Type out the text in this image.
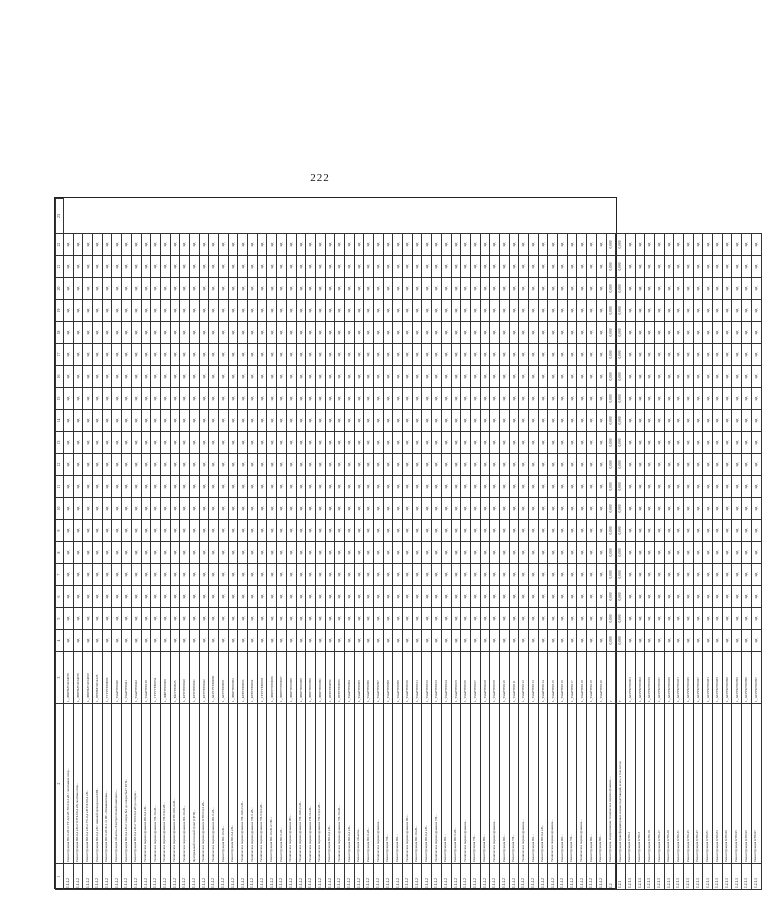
222
1	2	3	4	5	6	7	8	9	10	11	12	13	14	15	16	17	18	19	20	21	22	23
1.1.4.2	Реконструкция ВЛ-6 кВ от РУ-0,4 кВ ТП-6/0,4 кВ с монтажом опор...	L_ЛЮРВЛ74014058	нд	нд	нд	нд	нд	нд	нд	нд	нд	нд	нд	нд	нд	нд	нд	нд	нд	нд	нд	
1.1.4.2	Реконструкция ВЛ-0,4 кВ от КТП-6/0,4 кВ, монтаж опор...	L_ЛЮРВЛ74014059	нд	нд	нд	нд	нд	нд	нд	нд	нд	нд	нд	нд	нд	нд	нд	нд	нд	нд	нд	
1.1.4.2	Реконструкция ВЛ-0,4 кВ от РУ-0,4 кВ ТП-6/0,4 кВ...	L_ЛЮРВЛ74014060	нд	нд	нд	нд	нд	нд	нд	нд	нд	нд	нд	нд	нд	нд	нд	нд	нд	нд	нд	
1.1.4.2	Реконструкция ВЛ-0,4 кВ с заменой провода на СИП...	L_ПРЕВЛ74014225	нд	нд	нд	нд	нд	нд	нд	нд	нд	нд	нд	нд	нд	нд	нд	нд	нд	нд	нд	
1.1.4.2	Реконструкция ВЛ-6 кВ Ф-1 от ПС «Тимашевская»...	L_ТГУРТЕЕ0006	нд	нд	нд	нд	нд	нд	нд	нд	нд	нд	нд	нд	нд	нд	нд	нд	нд	нд	нд	
1.1.4.2	Реконструкция объекта «Электросетевой комплекс»...	L_ТимРТЕ0040	нд	нд	нд	нд	нд	нд	нд	нд	нд	нд	нд	нд	нд	нд	нд	нд	нд	нд	нд	
1.1.4.2	Реконструкция ВЛ-0,4 кВ от опоры №1 до опоры №27 КТП...	L_ТимРТЕ0041	нд	нд	нд	нд	нд	нд	нд	нд	нд	нд	нд	нд	нд	нд	нд	нд	нд	нд	нд	
1.1.4.2	Реконструкция ВЛ-0,4 кВ от ТП-6/0,4 кВ до опоры...	L_ТимРТЕ0042	нд	нд	нд	нд	нд	нд	нд	нд	нд	нд	нд	нд	нд	нд	нд	нд	нд	нд	нд	
1.1.4.2	Техническое перевооружение ВЛ-0,4 кВ...	L_ТимРТЕ0139	нд	нд	нд	нд	нд	нд	нд	нд	нд	нд	нд	нд	нд	нд	нд	нд	нд	нд	нд	
1.1.4.2	Техническое перевооружение ТП-10 кВ...	L_ГУРГТЕЕ0054	нд	нд	нд	нд	нд	нд	нд	нд	нд	нд	нд	нд	нд	нд	нд	нд	нд	нд	нд	
1.1.4.2	Техническое перевооружение ТП-6/0,4 кВ...	L_ЛФРТЕЕ0006	нд	нд	нд	нд	нд	нд	нд	нд	нд	нд	нд	нд	нд	нд	нд	нд	нд	нд	нд	
1.1.4.2	Техническое перевооружение КТП-10/0,4 кВ...	L_ЕйсТЕЕ0025	нд	нд	нд	нд	нд	нд	нд	нд	нд	нд	нд	нд	нд	нд	нд	нд	нд	нд	нд	
1.1.4.2	Техническое перевооружение ВЛ-10 кВ...	L_КРПТЕЕ0040	нд	нд	нд	нд	нд	нд	нд	нд	нд	нд	нд	нд	нд	нд	нд	нд	нд	нд	нд	
1.1.4.2	Центральный тепловой пункт (ЦТП)...	L_КРПТЕЕ0041	нд	нд	нд	нд	нд	нд	нд	нд	нд	нд	нд	нд	нд	нд	нд	нд	нд	нд	нд	
1.1.4.2	Техническое перевооружение КТП-6/0,4 кВ...	L_КУРТЕЕ0042	нд	нд	нд	нд	нд	нд	нд	нд	нд	нд	нд	нд	нд	нд	нд	нд	нд	нд	нд	
1.1.4.2	Техническое перевооружение ВЛ-6 кВ...	L_АСРГРТЕЕ0060	нд	нд	нд	нд	нд	нд	нд	нд	нд	нд	нд	нд	нд	нд	нд	нд	нд	нд	нд	
1.1.4.2	Реконструкция ВЛ-10 кВ...	L_АСРТЕЕ0061	нд	нд	нд	нд	нд	нд	нд	нд	нд	нд	нд	нд	нд	нд	нд	нд	нд	нд	нд	
1.1.4.2	Реконструкция ВЛ-0,4 кВ...	L_ЛЮРТЕЕ0062	нд	нд	нд	нд	нд	нд	нд	нд	нд	нд	нд	нд	нд	нд	нд	нд	нд	нд	нд	
1.1.4.2	Техническое перевооружение ТП-10/0,4 кВ...	L_КРЕТЕЕ0063	нд	нд	нд	нд	нд	нд	нд	нд	нд	нд	нд	нд	нд	нд	нд	нд	нд	нд	нд	
1.1.4.2	Техническое перевооружение ТП-6 кВ...	L_КРЕТЕЕ0064	нд	нд	нд	нд	нд	нд	нд	нд	нд	нд	нд	нд	нд	нд	нд	нд	нд	нд	нд	
1.1.4.2	Техническое перевооружение ТП-6/0,4 кВ...	L_ГУРГТЕЕ0065	нд	нд	нд	нд	нд	нд	нд	нд	нд	нд	нд	нд	нд	нд	нд	нд	нд	нд	нд	
1.1.4.2	Реконструкция ВЛ-10 кВ от ПС...	L_ЛЮРРТЕЕ0086	нд	нд	нд	нд	нд	нд	нд	нд	нд	нд	нд	нд	нд	нд	нд	нд	нд	нд	нд	
1.1.4.2	Реконструкция ВЛ-6 кВ...	L_ЛЮРРТЕЕ0087	нд	нд	нд	нд	нд	нд	нд	нд	нд	нд	нд	нд	нд	нд	нд	нд	нд	нд	нд	
1.1.4.2	Техническое перевооружение ПС...	L_ЛЮРТЕЕ0088	нд	нд	нд	нд	нд	нд	нд	нд	нд	нд	нд	нд	нд	нд	нд	нд	нд	нд	нд	
1.1.4.2	Техническое перевооружение ТП-10/0,4 кВ...	L_ЛЮРТЕЕ0089	нд	нд	нд	нд	нд	нд	нд	нд	нд	нд	нд	нд	нд	нд	нд	нд	нд	нд	нд	
1.1.4.2	Техническое перевооружение РП-10 кВ...	L_ЛЮРТЕЕ0090	нд	нд	нд	нд	нд	нд	нд	нд	нд	нд	нд	нд	нд	нд	нд	нд	нд	нд	нд	
1.1.4.2	Техническое перевооружение ТП-6/0,4 кВ...	L_ЛЮРТЕЕ0091	нд	нд	нд	нд	нд	нд	нд	нд	нд	нд	нд	нд	нд	нд	нд	нд	нд	нд	нд	
1.1.4.2	Реконструкция ВЛ-0,4 кВ...	L_ПРЕТЕЕ0092	нд	нд	нд	нд	нд	нд	нд	нд	нд	нд	нд	нд	нд	нд	нд	нд	нд	нд	нд	
1.1.4.2	Техническое перевооружение ТП-10 кВ...	L_ПРЕТЕЕ0093	нд	нд	нд	нд	нд	нд	нд	нд	нд	нд	нд	нд	нд	нд	нд	нд	нд	нд	нд	
1.1.4.2	Реконструкция ВЛ-0,4 кВ...	L_ТимРТЕ0094	нд	нд	нд	нд	нд	нд	нд	нд	нд	нд	нд	нд	нд	нд	нд	нд	нд	нд	нд	
1.1.4.2	Реконструкция объекта...	L_ТимРТЕ0095	нд	нд	нд	нд	нд	нд	нд	нд	нд	нд	нд	нд	нд	нд	нд	нд	нд	нд	нд	
1.1.4.2	Реконструкция ВЛ-6 кВ...	L_ТимРТЕ0096	нд	нд	нд	нд	нд	нд	нд	нд	нд	нд	нд	нд	нд	нд	нд	нд	нд	нд	нд	
1.1.4.2	Техническое перевооружение...	L_ТимРТЕ0097	нд	нд	нд	нд	нд	нд	нд	нд	нд	нд	нд	нд	нд	нд	нд	нд	нд	нд	нд	
1.1.4.2	Реконструкция ТП...	L_ТимРТЕ0098	нд	нд	нд	нд	нд	нд	нд	нд	нд	нд	нд	нд	нд	нд	нд	нд	нд	нд	нд	
1.1.4.2	Реконструкция ВЛ...	L_ТимРТЕ0099	нд	нд	нд	нд	нд	нд	нд	нд	нд	нд	нд	нд	нд	нд	нд	нд	нд	нд	нд	
1.1.4.2	Техническое перевооружение ПС...	L_ТимРТЕ0100	нд	нд	нд	нд	нд	нд	нд	нд	нд	нд	нд	нд	нд	нд	нд	нд	нд	нд	нд	
1.1.4.2	Реконструкция ВЛ-10 кВ...	L_ТимРТЕ0101	нд	нд	нд	нд	нд	нд	нд	нд	нд	нд	нд	нд	нд	нд	нд	нд	нд	нд	нд	
1.1.4.2	Реконструкция ВЛ-0,4 кВ...	L_ТимРТЕ0102	нд	нд	нд	нд	нд	нд	нд	нд	нд	нд	нд	нд	нд	нд	нд	нд	нд	нд	нд	
1.1.4.2	Техническое перевооружение ТП...	L_ТимРТЕ0103	нд	нд	нд	нд	нд	нд	нд	нд	нд	нд	нд	нд	нд	нд	нд	нд	нд	нд	нд	
1.1.4.2	Реконструкция ВЛ...	L_ТимРТЕ0104	нд	нд	нд	нд	нд	нд	нд	нд	нд	нд	нд	нд	нд	нд	нд	нд	нд	нд	нд	
1.1.4.2	Реконструкция ВЛ-6 кВ...	L_ТимРТЕ0105	нд	нд	нд	нд	нд	нд	нд	нд	нд	нд	нд	нд	нд	нд	нд	нд	нд	нд	нд	
1.1.4.2	Техническое перевооружение...	L_ТимРТЕ0106	нд	нд	нд	нд	нд	нд	нд	нд	нд	нд	нд	нд	нд	нд	нд	нд	нд	нд	нд	
1.1.4.2	Реконструкция ТП...	L_ТимРТЕ0107	нд	нд	нд	нд	нд	нд	нд	нд	нд	нд	нд	нд	нд	нд	нд	нд	нд	нд	нд	
1.1.4.2	Реконструкция ВЛ...	L_ТимРТЕ0108	нд	нд	нд	нд	нд	нд	нд	нд	нд	нд	нд	нд	нд	нд	нд	нд	нд	нд	нд	
1.1.4.2	Техническое перевооружение...	L_ТимРТЕ0109	нд	нд	нд	нд	нд	нд	нд	нд	нд	нд	нд	нд	нд	нд	нд	нд	нд	нд	нд	
1.1.4.2	Реконструкция ВЛ...	L_ТимРТЕ0110	нд	нд	нд	нд	нд	нд	нд	нд	нд	нд	нд	нд	нд	нд	нд	нд	нд	нд	нд	
1.1.4.2	Реконструкция ТП...	L_ТимРТЕ0111	нд	нд	нд	нд	нд	нд	нд	нд	нд	нд	нд	нд	нд	нд	нд	нд	нд	нд	нд	
1.1.4.2	Техническое перевооружение...	L_ТимРТЕ0112	нд	нд	нд	нд	нд	нд	нд	нд	нд	нд	нд	нд	нд	нд	нд	нд	нд	нд	нд	
1.1.4.2	Реконструкция ВЛ...	L_ТимРТЕ0113	нд	нд	нд	нд	нд	нд	нд	нд	нд	нд	нд	нд	нд	нд	нд	нд	нд	нд	нд	
1.1.4.2	Реконструкция ВЛ-0,4 кВ...	L_ТимРТЕ0114	нд	нд	нд	нд	нд	нд	нд	нд	нд	нд	нд	нд	нд	нд	нд	нд	нд	нд	нд	
1.1.4.2	Техническое перевооружение...	L_ТимРТЕ0115	нд	нд	нд	нд	нд	нд	нд	нд	нд	нд	нд	нд	нд	нд	нд	нд	нд	нд	нд	
1.1.4.2	Реконструкция ВЛ...	L_ТимРТЕ0116	нд	нд	нд	нд	нд	нд	нд	нд	нд	нд	нд	нд	нд	нд	нд	нд	нд	нд	нд	
1.1.4.2	Реконструкция ТП...	L_ТимРТЕ0117	нд	нд	нд	нд	нд	нд	нд	нд	нд	нд	нд	нд	нд	нд	нд	нд	нд	нд	нд	
1.1.4.2	Техническое перевооружение...	L_ТимРТЕ0118	нд	нд	нд	нд	нд	нд	нд	нд	нд	нд	нд	нд	нд	нд	нд	нд	нд	нд	нд	
1.1.4.2	Реконструкция ВЛ...	L_ТимРТЕ0119	нд	нд	нд	нд	нд	нд	нд	нд	нд	нд	нд	нд	нд	нд	нд	нд	нд	нд	нд	
1.1.4.2	Реконструкция ВЛ...	L_ТимРТЕ0120	нд	нд	нд	нд	нд	нд	нд	нд	нд	нд	нд	нд	нд	нд	нд	нд	нд	нд	нд	
1.2	Реконструкция, модернизация, техническое перевооружение ...	Г	0,000	0,000	0,000	0,000	0,000	0,000	0,000	0,000	0,000	0,000	0,000	0,000	0,000	0,000	0,000	0,000	0,000	0,000	0,000	
1.2.1	Реконструкция трансформаторных и иных подстанций, всего, в том числе:	Г	0,000	0,000	0,000	0,000	0,000	0,000	0,000	0,000	0,000	0,000	0,000	0,000	0,000	0,000	0,000	0,000	0,000	0,000	0,000	
1.2.1.1	Реконструкция КТП-2	L_АСРРКТП0001	нд	нд	нд	нд	нд	нд	нд	нд	нд	нд	нд	нд	нд	нд	нд	нд	нд	нд	нд	
1.2.1.1	Реконструкция КТП-3	L_АСРРКТП0002	нд	нд	нд	нд	нд	нд	нд	нд	нд	нд	нд	нд	нд	нд	нд	нд	нд	нд	нд	
1.2.1.1	Реконструкция КТП-19	L_АСРРКТП0019	нд	нд	нд	нд	нд	нд	нд	нд	нд	нд	нд	нд	нд	нд	нд	нд	нд	нд	нд	
1.2.1.1	Реконструкция КТП-27	L_АСРРКТП0027	нд	нд	нд	нд	нд	нд	нд	нд	нд	нд	нд	нд	нд	нд	нд	нд	нд	нд	нд	
1.2.1.1	Реконструкция КТП-29	L_АСРРКТП0029	нд	нд	нд	нд	нд	нд	нд	нд	нд	нд	нд	нд	нд	нд	нд	нд	нд	нд	нд	
1.2.1.1	Реконструкция КТП-31	L_АСРРКТП0031	нд	нд	нд	нд	нд	нд	нд	нд	нд	нд	нд	нд	нд	нд	нд	нд	нд	нд	нд	
1.2.1.1	Реконструкция КТП-45	L_АСРРКТП0045	нд	нд	нд	нд	нд	нд	нд	нд	нд	нд	нд	нд	нд	нд	нд	нд	нд	нд	нд	
1.2.1.1	Реконструкция КТП-47	L_АСРРКТП0047	нд	нд	нд	нд	нд	нд	нд	нд	нд	нд	нд	нд	нд	нд	нд	нд	нд	нд	нд	
1.2.1.1	Реконструкция КТП-81	L_АСРРКТП0081	нд	нд	нд	нд	нд	нд	нд	нд	нд	нд	нд	нд	нд	нд	нд	нд	нд	нд	нд	
1.2.1.1	Реконструкция КТП-83	L_АСРРКТП0083	нд	нд	нд	нд	нд	нд	нд	нд	нд	нд	нд	нд	нд	нд	нд	нд	нд	нд	нд	
1.2.1.1	Реконструкция КТП-90	L_АСРРКТП0090	нд	нд	нд	нд	нд	нд	нд	нд	нд	нд	нд	нд	нд	нд	нд	нд	нд	нд	нд	
1.2.1.1	Реконструкция КТП-95	L_АСРРКТП0095	нд	нд	нд	нд	нд	нд	нд	нд	нд	нд	нд	нд	нд	нд	нд	нд	нд	нд	нд	
1.2.1.1	Реконструкция КТП-96	L_АСРРКТП0096	нд	нд	нд	нд	нд	нд	нд	нд	нд	нд	нд	нд	нд	нд	нд	нд	нд	нд	нд	
1.2.1.1	Реконструкция КТП-97	L_АСРРКТП0097	нд	нд	нд	нд	нд	нд	нд	нд	нд	нд	нд	нд	нд	нд	нд	нд	нд	нд	нд	
